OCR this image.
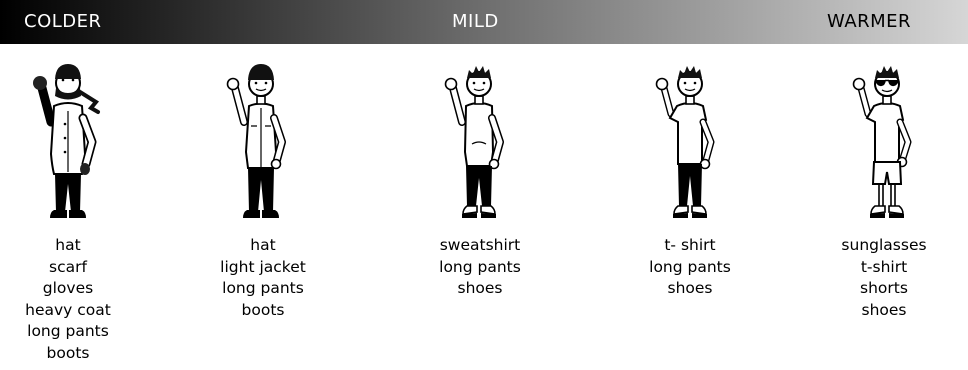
COLDER	MILD	WARMER
hat
scarf
gloves
heavy coat
long pants
boots
hat
light jacket
long pants
boots
sweatshirt
long pants
shoes
t- shirt
long pants
shoes
sunglasses
t-shirt
shorts
shoes
